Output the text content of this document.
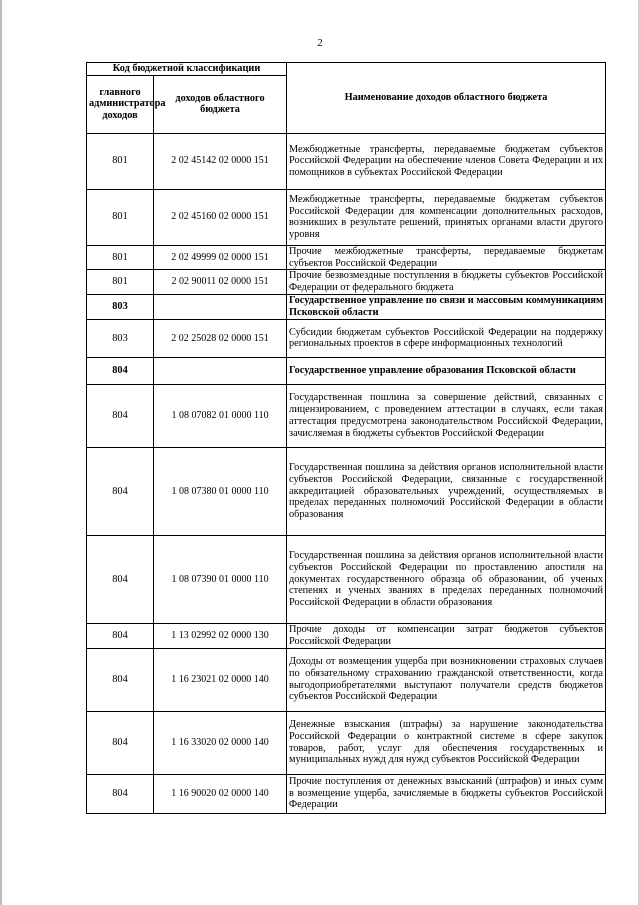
2
Код бюджетной классификации		Наименование доходов областного бюджета
главного администратора доходов	доходов областного бюджета	
801	2 02 45142 02 0000 151	Межбюджетные трансферты, передаваемые бюджетам субъектов Российской Федерации на обеспечение членов Совета Федерации и их помощников в субъектах Российской Федерации
801	2 02 45160 02 0000 151	Межбюджетные трансферты, передаваемые бюджетам субъектов Российской Федерации для компенсации дополнительных расходов, возникших в результате решений, принятых органами власти другого уровня
801	2 02 49999 02 0000 151	Прочие межбюджетные трансферты, передаваемые бюджетам субъектов Российской Федерации
801	2 02 90011 02 0000 151	Прочие безвозмездные поступления в бюджеты субъектов Российской Федерации от федерального бюджета
803		Государственное управление по связи и массовым коммуникациям Псковской области
803	2 02 25028 02 0000 151	Субсидии бюджетам субъектов Российской Федерации на поддержку региональных проектов в сфере информационных технологий
804		Государственное управление образования Псковской области
804	1 08 07082 01 0000 110	Государственная пошлина за совершение действий, связанных с лицензированием, с проведением аттестации в случаях, если такая аттестация предусмотрена законодательством Российской Федерации, зачисляемая в бюджеты субъектов Российской Федерации
804	1 08 07380 01 0000 110	Государственная пошлина за действия органов исполнительной власти субъектов Российской Федерации, связанные с государственной аккредитацией образовательных учреждений, осуществляемых в пределах переданных полномочий Российской Федерации в области образования
804	1 08 07390 01 0000 110	Государственная пошлина за действия органов исполнительной власти субъектов Российской Федерации по проставлению апостиля на документах государственного образца об образовании, об ученых степенях и ученых званиях в пределах переданных полномочий Российской Федерации в области образования
804	1 13 02992 02 0000 130	Прочие доходы от компенсации затрат бюджетов субъектов Российской Федерации
804	1 16 23021 02 0000 140	Доходы от возмещения ущерба при возникновении страховых случаев по обязательному страхованию гражданской ответственности, когда выгодоприобретателями выступают получатели средств бюджетов субъектов Российской Федерации
804	1 16 33020 02 0000 140	Денежные взыскания (штрафы) за нарушение законодательства Российской Федерации о контрактной системе в сфере закупок товаров, работ, услуг для обеспечения государственных и муниципальных нужд для нужд субъектов Российской Федерации
804	1 16 90020 02 0000 140	Прочие поступления от денежных взысканий (штрафов) и иных сумм в возмещение ущерба, зачисляемые в бюджеты субъектов Российской Федерации
